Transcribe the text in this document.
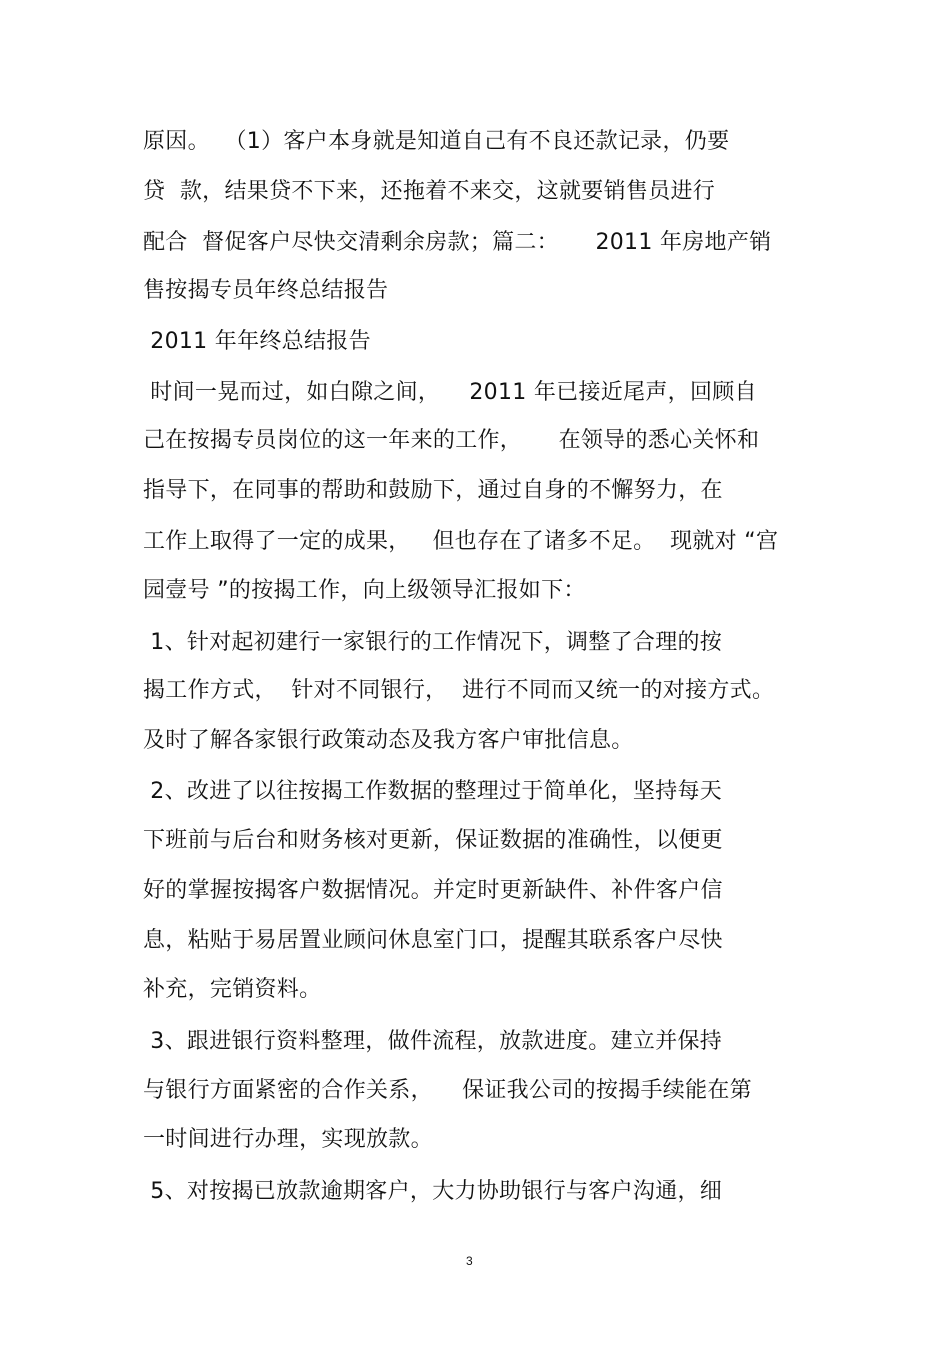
原因。  （1）客户本身就是知道自己有不良还款记录，仍要
贷  款，结果贷不下来，还拖着不来交，这就要销售员进行
配合  督促客户尽快交清剩余房款；篇二：     2011 年房地产销
售按揭专员年终总结报告
2011 年年终总结报告
时间一晃而过，如白隙之间，    2011 年已接近尾声，回顾自
己在按揭专员岗位的这一年来的工作，     在领导的悉心关怀和
指导下，在同事的帮助和鼓励下，通过自身的不懈努力，在
工作上取得了一定的成果，   但也存在了诸多不足。  现就对 “宫
园壹号 ”的按揭工作，向上级领导汇报如下：
1、针对起初建行一家银行的工作情况下，调整了合理的按
揭工作方式，  针对不同银行，  进行不同而又统一的对接方式。
及时了解各家银行政策动态及我方客户审批信息。
2、改进了以往按揭工作数据的整理过于简单化，坚持每天
下班前与后台和财务核对更新，保证数据的准确性，以便更
好的掌握按揭客户数据情况。并定时更新缺件、补件客户信
息，粘贴于易居置业顾问休息室门口，提醒其联系客户尽快
补充，完销资料。
3、跟进银行资料整理，做件流程，放款进度。建立并保持
与银行方面紧密的合作关系，    保证我公司的按揭手续能在第
一时间进行办理，实现放款。
5、对按揭已放款逾期客户，大力协助银行与客户沟通，细
3
